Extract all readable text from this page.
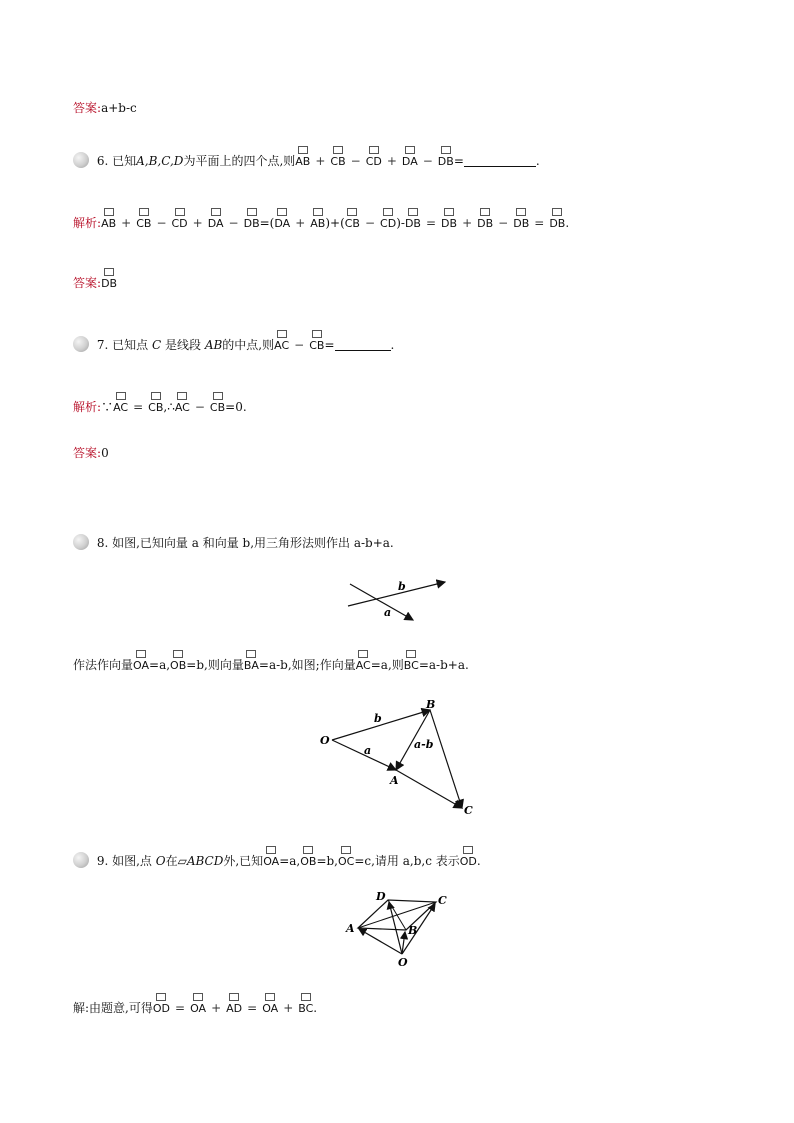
答案:a+b-c
6. 已知A,B,C,D为平面上的四个点,则AB + CB − CD + DA − DB=	.
解析:AB + CB − CD + DA − DB=(DA + AB)+(CB − CD)-DB = DB + DB − DB = DB.
答案:DB
7. 已知点 C 是线段 AB的中点,则AC − CB=	.
解析:∵AC = CB,∴AC − CB=0.
答案:0
8. 如图,已知向量 a 和向量 b,用三角形法则作出 a-b+a.
b
a
作法作向量OA=a,OB=b,则向量BA=a-b,如图;作向量AC=a,则BC=a-b+a.
O
B
A
C
b
a	a-b
9. 如图,点 O在▱ABCD外,已知OA=a,OB=b,OC=c,请用 a,b,c 表示OD.
A
D	C
B
O
解:由题意,可得OD = OA + AD = OA + BC.
